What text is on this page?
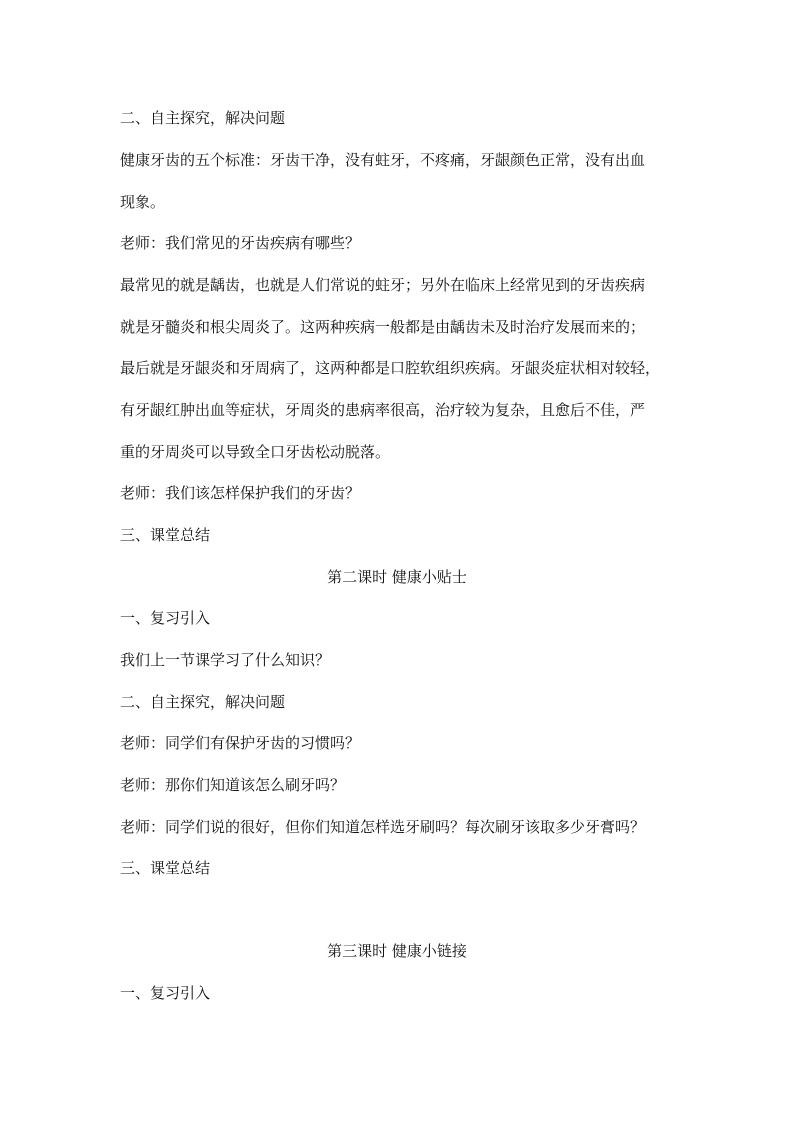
二、自主探究，解决问题
健康牙齿的五个标准：牙齿干净，没有蛀牙，不疼痛，牙龈颜色正常，没有出血
现象。
老师：我们常见的牙齿疾病有哪些？
最常见的就是龋齿，也就是人们常说的蛀牙；另外在临床上经常见到的牙齿疾病
就是牙髓炎和根尖周炎了。这两种疾病一般都是由龋齿未及时治疗发展而来的；
最后就是牙龈炎和牙周病了，这两种都是口腔软组织疾病。牙龈炎症状相对较轻，
有牙龈红肿出血等症状，牙周炎的患病率很高，治疗较为复杂，且愈后不佳，严
重的牙周炎可以导致全口牙齿松动脱落。
老师：我们该怎样保护我们的牙齿？
三、课堂总结
第二课时 健康小贴士
一、复习引入
我们上一节课学习了什么知识？
二、自主探究，解决问题
老师：同学们有保护牙齿的习惯吗？
老师：那你们知道该怎么刷牙吗？
老师：同学们说的很好，但你们知道怎样选牙刷吗？每次刷牙该取多少牙膏吗？
三、课堂总结
第三课时 健康小链接
一、复习引入
